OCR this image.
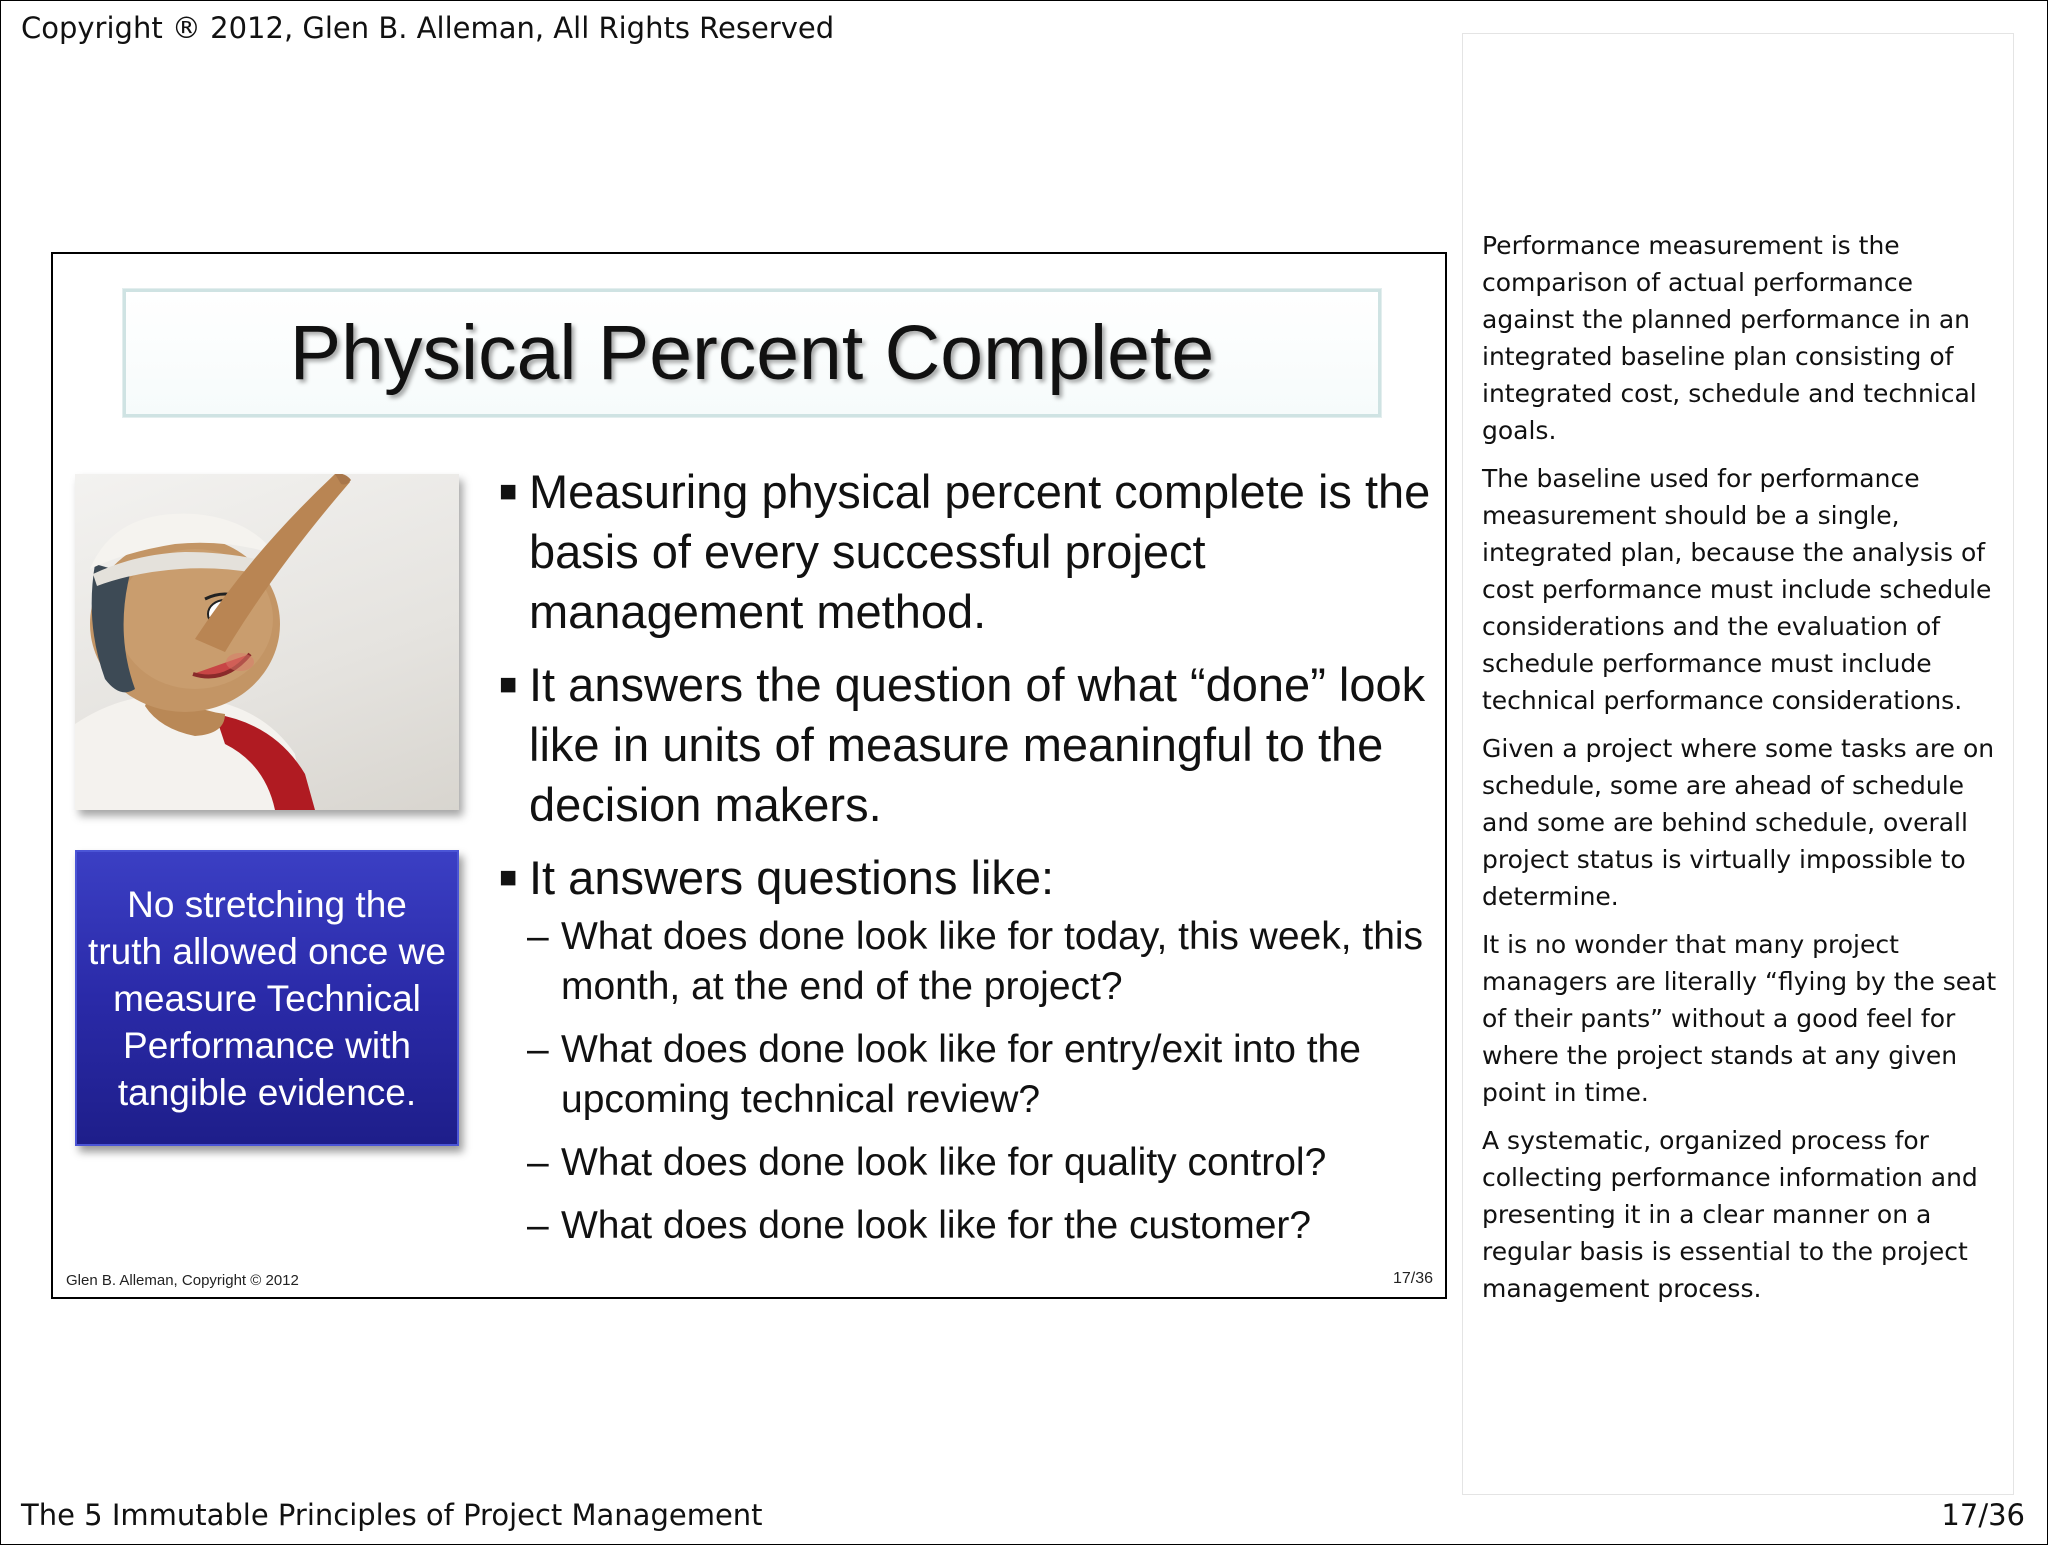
Copyright ® 2012, Glen B. Alleman, All Rights Reserved
Physical Percent Complete
No stretching the truth allowed once we measure Technical Performance with tangible evidence.
■ Measuring physical percent complete is the basis of every successful project management method.
■ It answers the question of what “done” look like in units of measure meaningful to the decision makers.
■ It answers questions like:
– What does done look like for today, this week, this month, at the end of the project?
– What does done look like for entry/exit into the upcoming technical review?
– What does done look like for quality control?
– What does done look like for the customer?
Glen B. Alleman, Copyright © 2012	17/36

Performance measurement is the comparison of actual performance against the planned performance in an integrated baseline plan consisting of integrated cost, schedule and technical goals.

The baseline used for performance measurement should be a single, integrated plan, because the analysis of cost performance must include schedule considerations and the evaluation of schedule performance must include technical performance considerations.

Given a project where some tasks are on schedule, some are ahead of schedule and some are behind schedule, overall project status is virtually impossible to determine.

It is no wonder that many project managers are literally “flying by the seat of their pants” without a good feel for where the project stands at any given point in time.

A systematic, organized process for collecting performance information and presenting it in a clear manner on a regular basis is essential to the project management process.

The 5 Immutable Principles of Project Management	17/36
